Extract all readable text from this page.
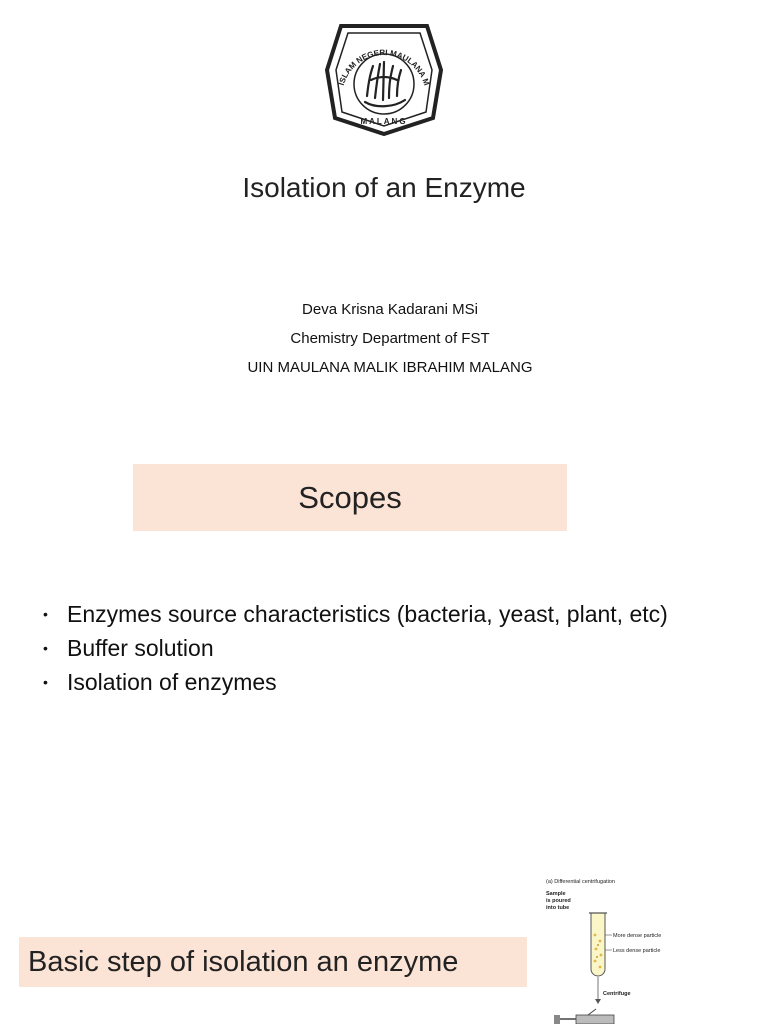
ISLAM NEGERI MAULANA M
MALANG
Isolation of an Enzyme
Deva Krisna Kadarani MSi
Chemistry Department of FST
UIN MAULANA MALIK IBRAHIM MALANG
Scopes
• Enzymes source characteristics (bacteria, yeast, plant, etc)
• Buffer solution
• Isolation of enzymes
Basic step of isolation an enzyme
(a) Differential centrifugation
Sample
is poured
into tube
More dense particle
Less dense particle
Centrifuge
